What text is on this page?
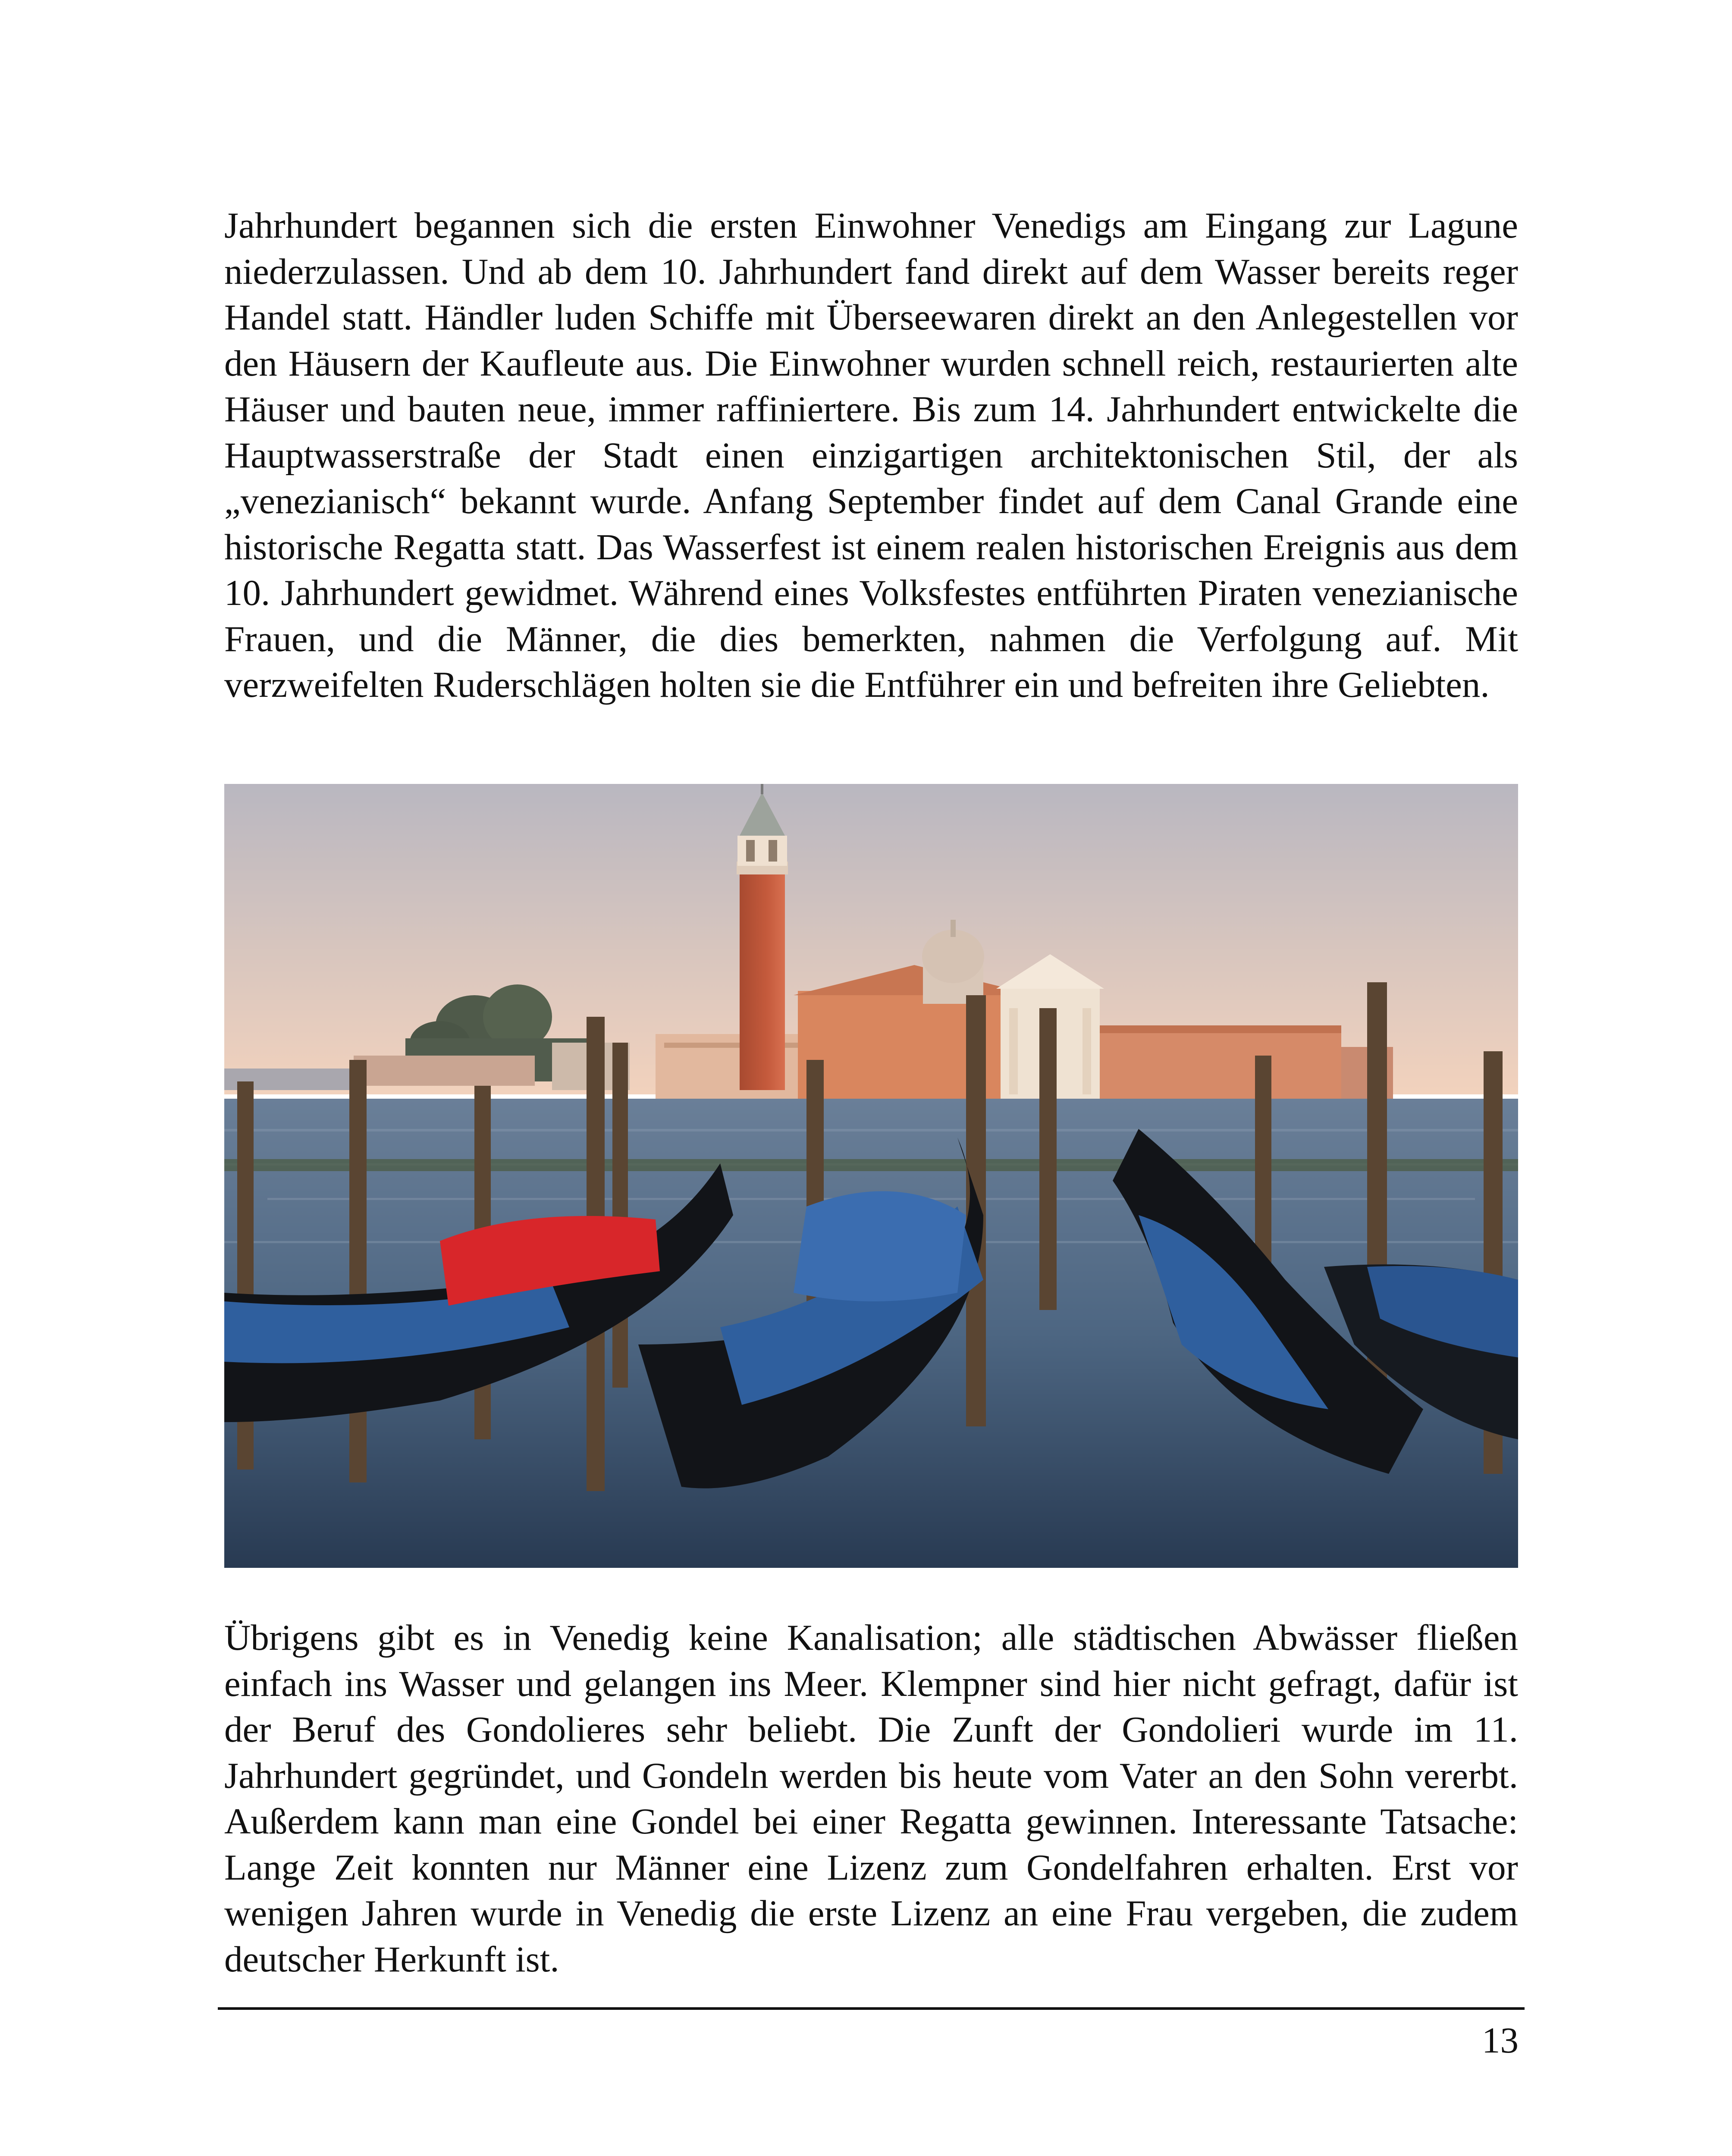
Jahrhundert begannen sich die ersten Einwohner Venedigs am Eingang zur Lagune niederzulassen. Und ab dem 10. Jahrhundert fand direkt auf dem Wasser bereits reger Handel statt. Händler luden Schiffe mit Überseewaren direkt an den Anlegestellen vor den Häusern der Kaufleute aus. Die Einwohner wurden schnell reich, restaurierten alte Häuser und bauten neue, immer raffiniertere. Bis zum 14. Jahrhundert entwickelte die Hauptwasserstraße der Stadt einen einzigartigen architektonischen Stil, der als „venezianisch“ bekannt wurde. Anfang September findet auf dem Canal Grande eine historische Regatta statt. Das Wasserfest ist einem realen historischen Ereignis aus dem 10. Jahrhundert gewidmet. Während eines Volksfestes entführten Piraten venezianische Frauen, und die Männer, die dies bemerkten, nahmen die Verfolgung auf. Mit verzweifelten Ruderschlägen holten sie die Entführer ein und befreiten ihre Geliebten.

Übrigens gibt es in Venedig keine Kanalisation; alle städtischen Abwässer fließen einfach ins Wasser und gelangen ins Meer. Klempner sind hier nicht gefragt, dafür ist der Beruf des Gondolieres sehr beliebt. Die Zunft der Gondolieri wurde im 11. Jahrhundert gegründet, und Gondeln werden bis heute vom Vater an den Sohn vererbt. Außerdem kann man eine Gondel bei einer Regatta gewinnen. Interessante Tatsache: Lange Zeit konnten nur Männer eine Lizenz zum Gondelfahren erhalten. Erst vor wenigen Jahren wurde in Venedig die erste Lizenz an eine Frau vergeben, die zudem deutscher Herkunft ist.

13
